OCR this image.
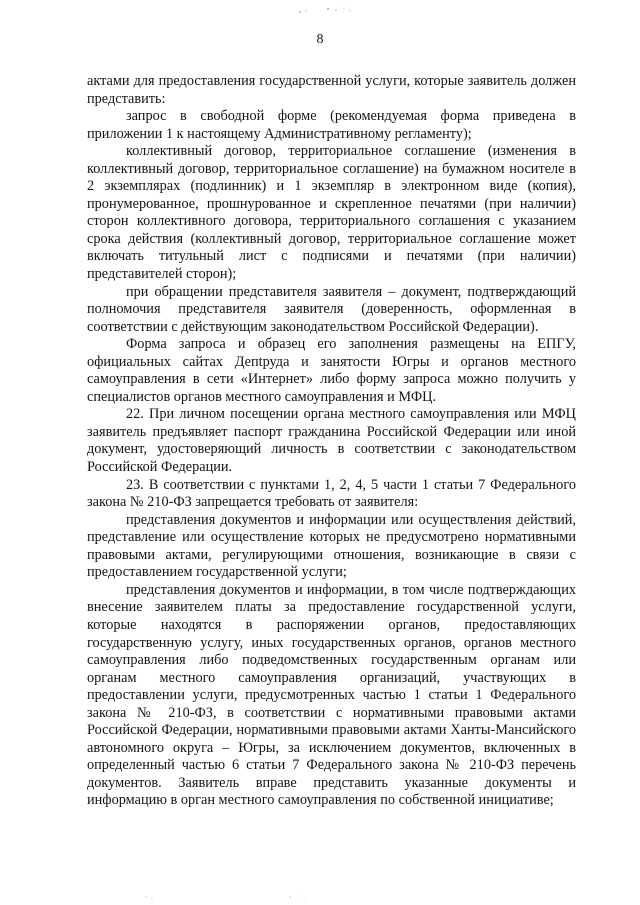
8

актами для предоставления государственной услуги, которые заявитель должен представить:

запрос в свободной форме (рекомендуемая форма приведена в приложении 1 к настоящему Административному регламенту);

коллективный договор, территориальное соглашение (изменения в коллективный договор, территориальное соглашение) на бумажном носителе в 2 экземплярах (подлинник) и 1 экземпляр в электронном виде (копия), пронумерованное, прошнурованное и скрепленное печатями (при наличии) сторон коллективного договора, территориального соглашения с указанием срока действия (коллективный договор, территориальное соглашение может включать титульный лист с подписями и печатями (при наличии) представителей сторон);

при обращении представителя заявителя – документ, подтверждающий полномочия представителя заявителя (доверенность, оформленная в соответствии с действующим законодательством Российской Федерации).

Форма запроса и образец его заполнения размещены на ЕПГУ, официальных сайтах Депtруда и занятости Югры и органов местного самоуправления в сети «Интернет» либо форму запроса можно получить у специалистов органов местного самоуправления и МФЦ.

22. При личном посещении органа местного самоуправления или МФЦ заявитель предъявляет паспорт гражданина Российской Федерации или иной документ, удостоверяющий личность в соответствии с законодательством Российской Федерации.

23. В соответствии с пунктами 1, 2, 4, 5 части 1 статьи 7 Федерального закона № 210-ФЗ запрещается требовать от заявителя:

представления документов и информации или осуществления действий, представление или осуществление которых не предусмотрено нормативными правовыми актами, регулирующими отношения, возникающие в связи с предоставлением государственной услуги;

представления документов и информации, в том числе подтверждающих внесение заявителем платы за предоставление государственной услуги, которые находятся в распоряжении органов, предоставляющих государственную услугу, иных государственных органов, органов местного самоуправления либо подведомственных государственным органам или органам местного самоуправления организаций, участвующих в предоставлении услуги, предусмотренных частью 1 статьи 1 Федерального закона № 210-ФЗ, в соответствии с нормативными правовыми актами Российской Федерации, нормативными правовыми актами Ханты-Мансийского автономного округа – Югры, за исключением документов, включенных в определенный частью 6 статьи 7 Федерального закона № 210-ФЗ перечень документов. Заявитель вправе представить указанные документы и информацию в орган местного самоуправления по собственной инициативе;
